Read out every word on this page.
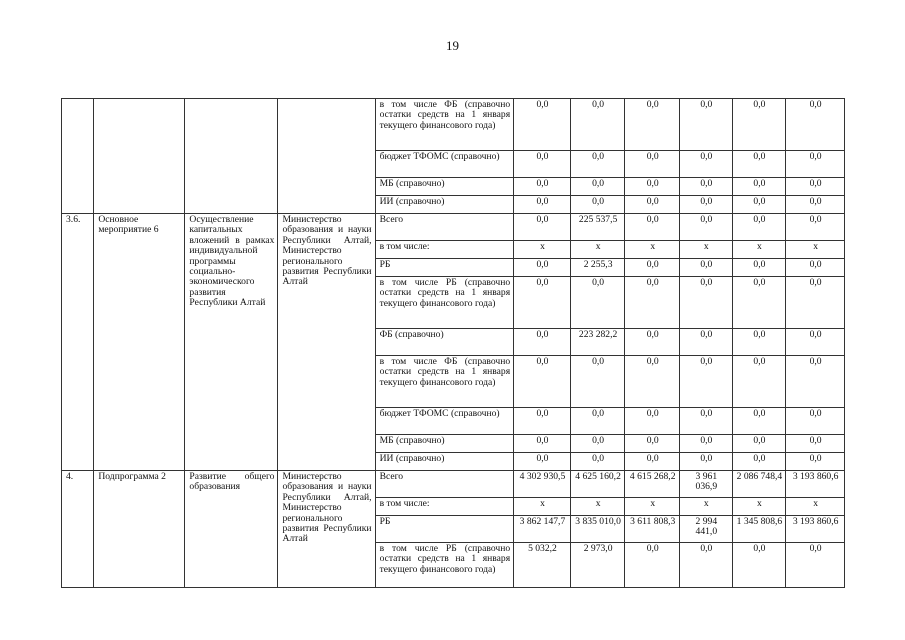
19
				в том числе ФБ (справочно остатки средств на 1 января текущего финансового года)	0,0	0,0	0,0	0,0	0,0	0,0
				бюджет ТФОМС (справочно)	0,0	0,0	0,0	0,0	0,0	0,0
				МБ (справочно)	0,0	0,0	0,0	0,0	0,0	0,0
				ИИ (справочно)	0,0	0,0	0,0	0,0	0,0	0,0
3.6.	Основное мероприятие 6	Осуществление капитальных вложений в рамках индивидуальной программы социально-экономического развития Республики Алтай	Министерство образования и науки Республики Алтай, Министерство регионального развития Республики Алтай	Всего	0,0	225 537,5	0,0	0,0	0,0	0,0
				в том числе:	х	х	х	х	х	х
				РБ	0,0	2 255,3	0,0	0,0	0,0	0,0
				в том числе РБ (справочно остатки средств на 1 января текущего финансового года)	0,0	0,0	0,0	0,0	0,0	0,0
				ФБ (справочно)	0,0	223 282,2	0,0	0,0	0,0	0,0
				в том числе ФБ (справочно остатки средств на 1 января текущего финансового года)	0,0	0,0	0,0	0,0	0,0	0,0
				бюджет ТФОМС (справочно)	0,0	0,0	0,0	0,0	0,0	0,0
				МБ (справочно)	0,0	0,0	0,0	0,0	0,0	0,0
				ИИ (справочно)	0,0	0,0	0,0	0,0	0,0	0,0
4.	Подпрограмма 2	Развитие общего образования	Министерство образования и науки Республики Алтай, Министерство регионального развития Республики Алтай	Всего	4 302 930,5	4 625 160,2	4 615 268,2	3 961 036,9	2 086 748,4	3 193 860,6
				в том числе:	х	х	х	х	х	х
				РБ	3 862 147,7	3 835 010,0	3 611 808,3	2 994 441,0	1 345 808,6	3 193 860,6
				в том числе РБ (справочно остатки средств на 1 января текущего финансового года)	5 032,2	2 973,0	0,0	0,0	0,0	0,0
